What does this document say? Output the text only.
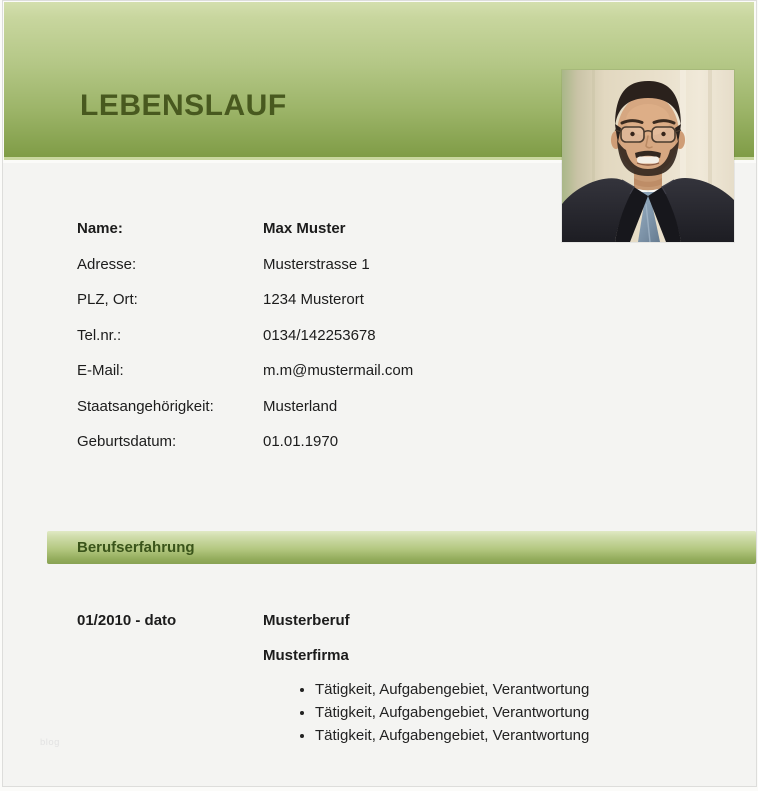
LEBENSLAUF
Name:	Max Muster
Adresse:	Musterstrasse 1
PLZ, Ort:	1234 Musterort
Tel.nr.:	0134/142253678
E-Mail:	m.m@mustermail.com
Staatsangehörigkeit:	Musterland
Geburtsdatum:	01.01.1970
Berufserfahrung
01/2010 - dato	Musterberuf

Musterfirma

• Tätigkeit, Aufgabengebiet, Verantwortung
• Tätigkeit, Aufgabengebiet, Verantwortung
• Tätigkeit, Aufgabengebiet, Verantwortung
blog
